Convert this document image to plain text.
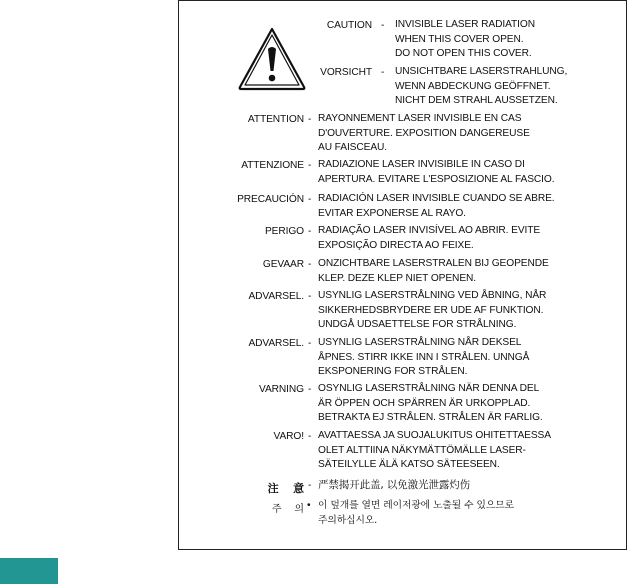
CAUTION - INVISIBLE LASER RADIATION
WHEN THIS COVER OPEN.
DO NOT OPEN THIS COVER.
VORSICHT - UNSICHTBARE LASERSTRAHLUNG,
WENN ABDECKUNG GEÖFFNET.
NICHT DEM STRAHL AUSSETZEN.
ATTENTION - RAYONNEMENT LASER INVISIBLE EN CAS
D'OUVERTURE. EXPOSITION DANGEREUSE
AU FAISCEAU.
ATTENZIONE - RADIAZIONE LASER INVISIBILE IN CASO DI
APERTURA. EVITARE L'ESPOSIZIONE AL FASCIO.
PRECAUCIÓN - RADIACIÓN LASER INVISIBLE CUANDO SE ABRE.
EVITAR EXPONERSE AL RAYO.
PERIGO - RADIAÇÃO LASER INVISÍVEL AO ABRIR. EVITE
EXPOSIÇÃO DIRECTA AO FEIXE.
GEVAAR - ONZICHTBARE LASERSTRALEN BIJ GEOPENDE
KLEP. DEZE KLEP NIET OPENEN.
ADVARSEL. - USYNLIG LASERSTRÅLNING VED ÅBNING, NÅR
SIKKERHEDSBRYDERE ER UDE AF FUNKTION.
UNDGÅ UDSAETTELSE FOR STRÅLNING.
ADVARSEL. - USYNLIG LASERSTRÅLNING NÅR DEKSEL
ÅPNES. STIRR IKKE INN I STRÅLEN. UNNGÅ
EKSPONERING FOR STRÅLEN.
VARNING - OSYNLIG LASERSTRÅLNING NÄR DENNA DEL
ÄR ÖPPEN OCH SPÄRREN ÄR URKOPPLAD.
BETRAKTA EJ STRÅLEN. STRÅLEN ÄR FARLIG.
VARO! - AVATTAESSA JA SUOJALUKITUS OHITETTAESSA
OLET ALTTIINA NÄKYMÄTTÖMÄLLE LASER-
SÄTEILYLLE ÄLÄ KATSO SÄTEESEEN.
注　 意 - 严禁揭开此盖, 以免激光泄露灼伤
주　 의 • 이 덮개를 열면 레이저광에 노출될 수 있으므로
주의하십시오.
